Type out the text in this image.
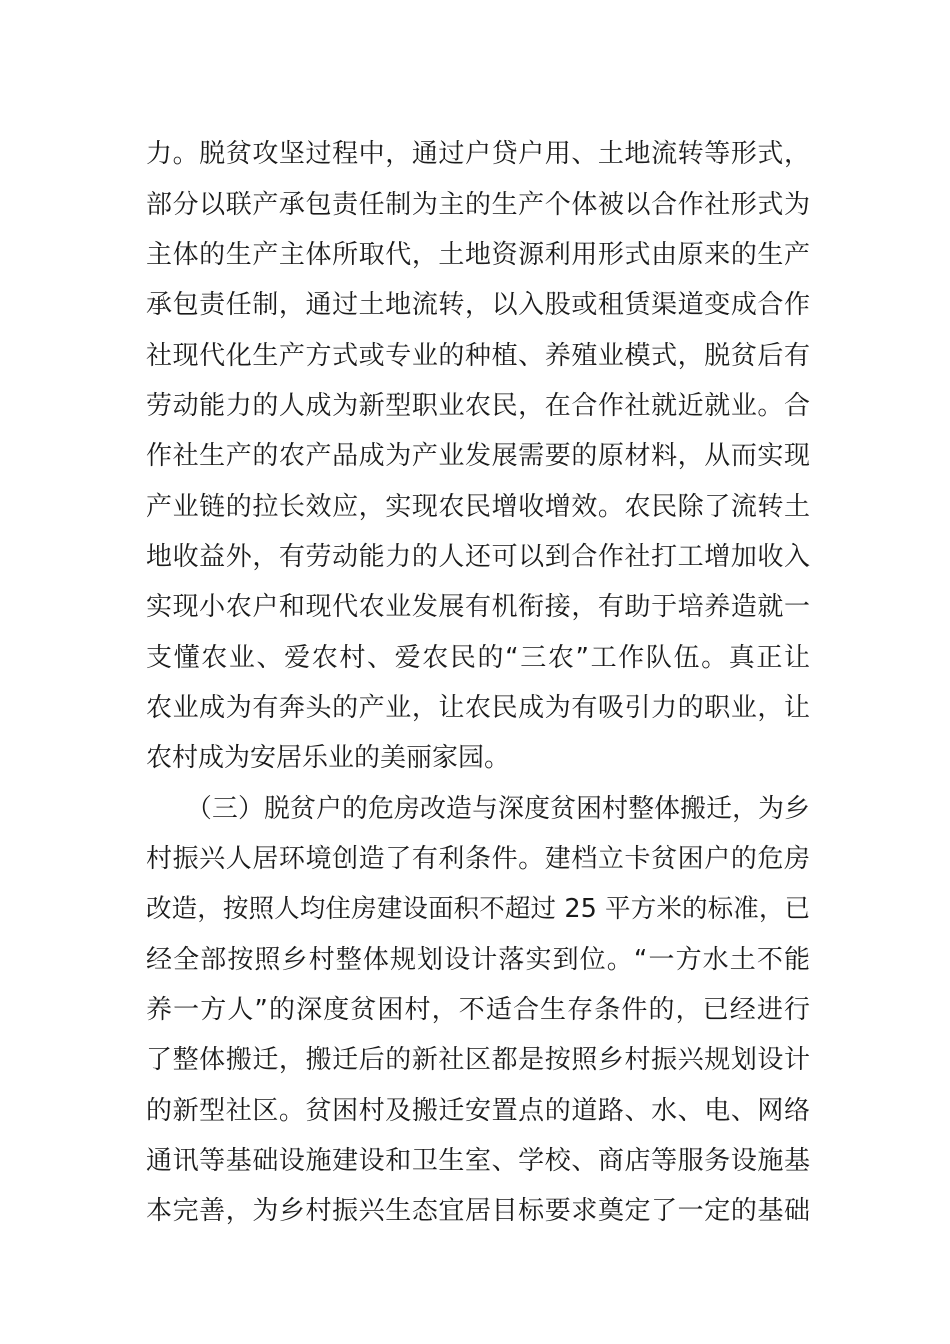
力。脱贫攻坚过程中，通过户贷户用、土地流转等形式，
部分以联产承包责任制为主的生产个体被以合作社形式为
主体的生产主体所取代，土地资源利用形式由原来的生产
承包责任制，通过土地流转，以入股或租赁渠道变成合作
社现代化生产方式或专业的种植、养殖业模式，脱贫后有
劳动能力的人成为新型职业农民，在合作社就近就业。合
作社生产的农产品成为产业发展需要的原材料，从而实现
产业链的拉长效应，实现农民增收增效。农民除了流转土
地收益外，有劳动能力的人还可以到合作社打工增加收入
实现小农户和现代农业发展有机衔接，有助于培养造就一
支懂农业、爱农村、爱农民的“三农”工作队伍。真正让
农业成为有奔头的产业，让农民成为有吸引力的职业，让
农村成为安居乐业的美丽家园。
（三）脱贫户的危房改造与深度贫困村整体搬迁，为乡
村振兴人居环境创造了有利条件。建档立卡贫困户的危房
改造，按照人均住房建设面积不超过 25 平方米的标准，已
经全部按照乡村整体规划设计落实到位。“一方水土不能
养一方人”的深度贫困村，不适合生存条件的，已经进行
了整体搬迁，搬迁后的新社区都是按照乡村振兴规划设计
的新型社区。贫困村及搬迁安置点的道路、水、电、网络
通讯等基础设施建设和卫生室、学校、商店等服务设施基
本完善，为乡村振兴生态宜居目标要求奠定了一定的基础
